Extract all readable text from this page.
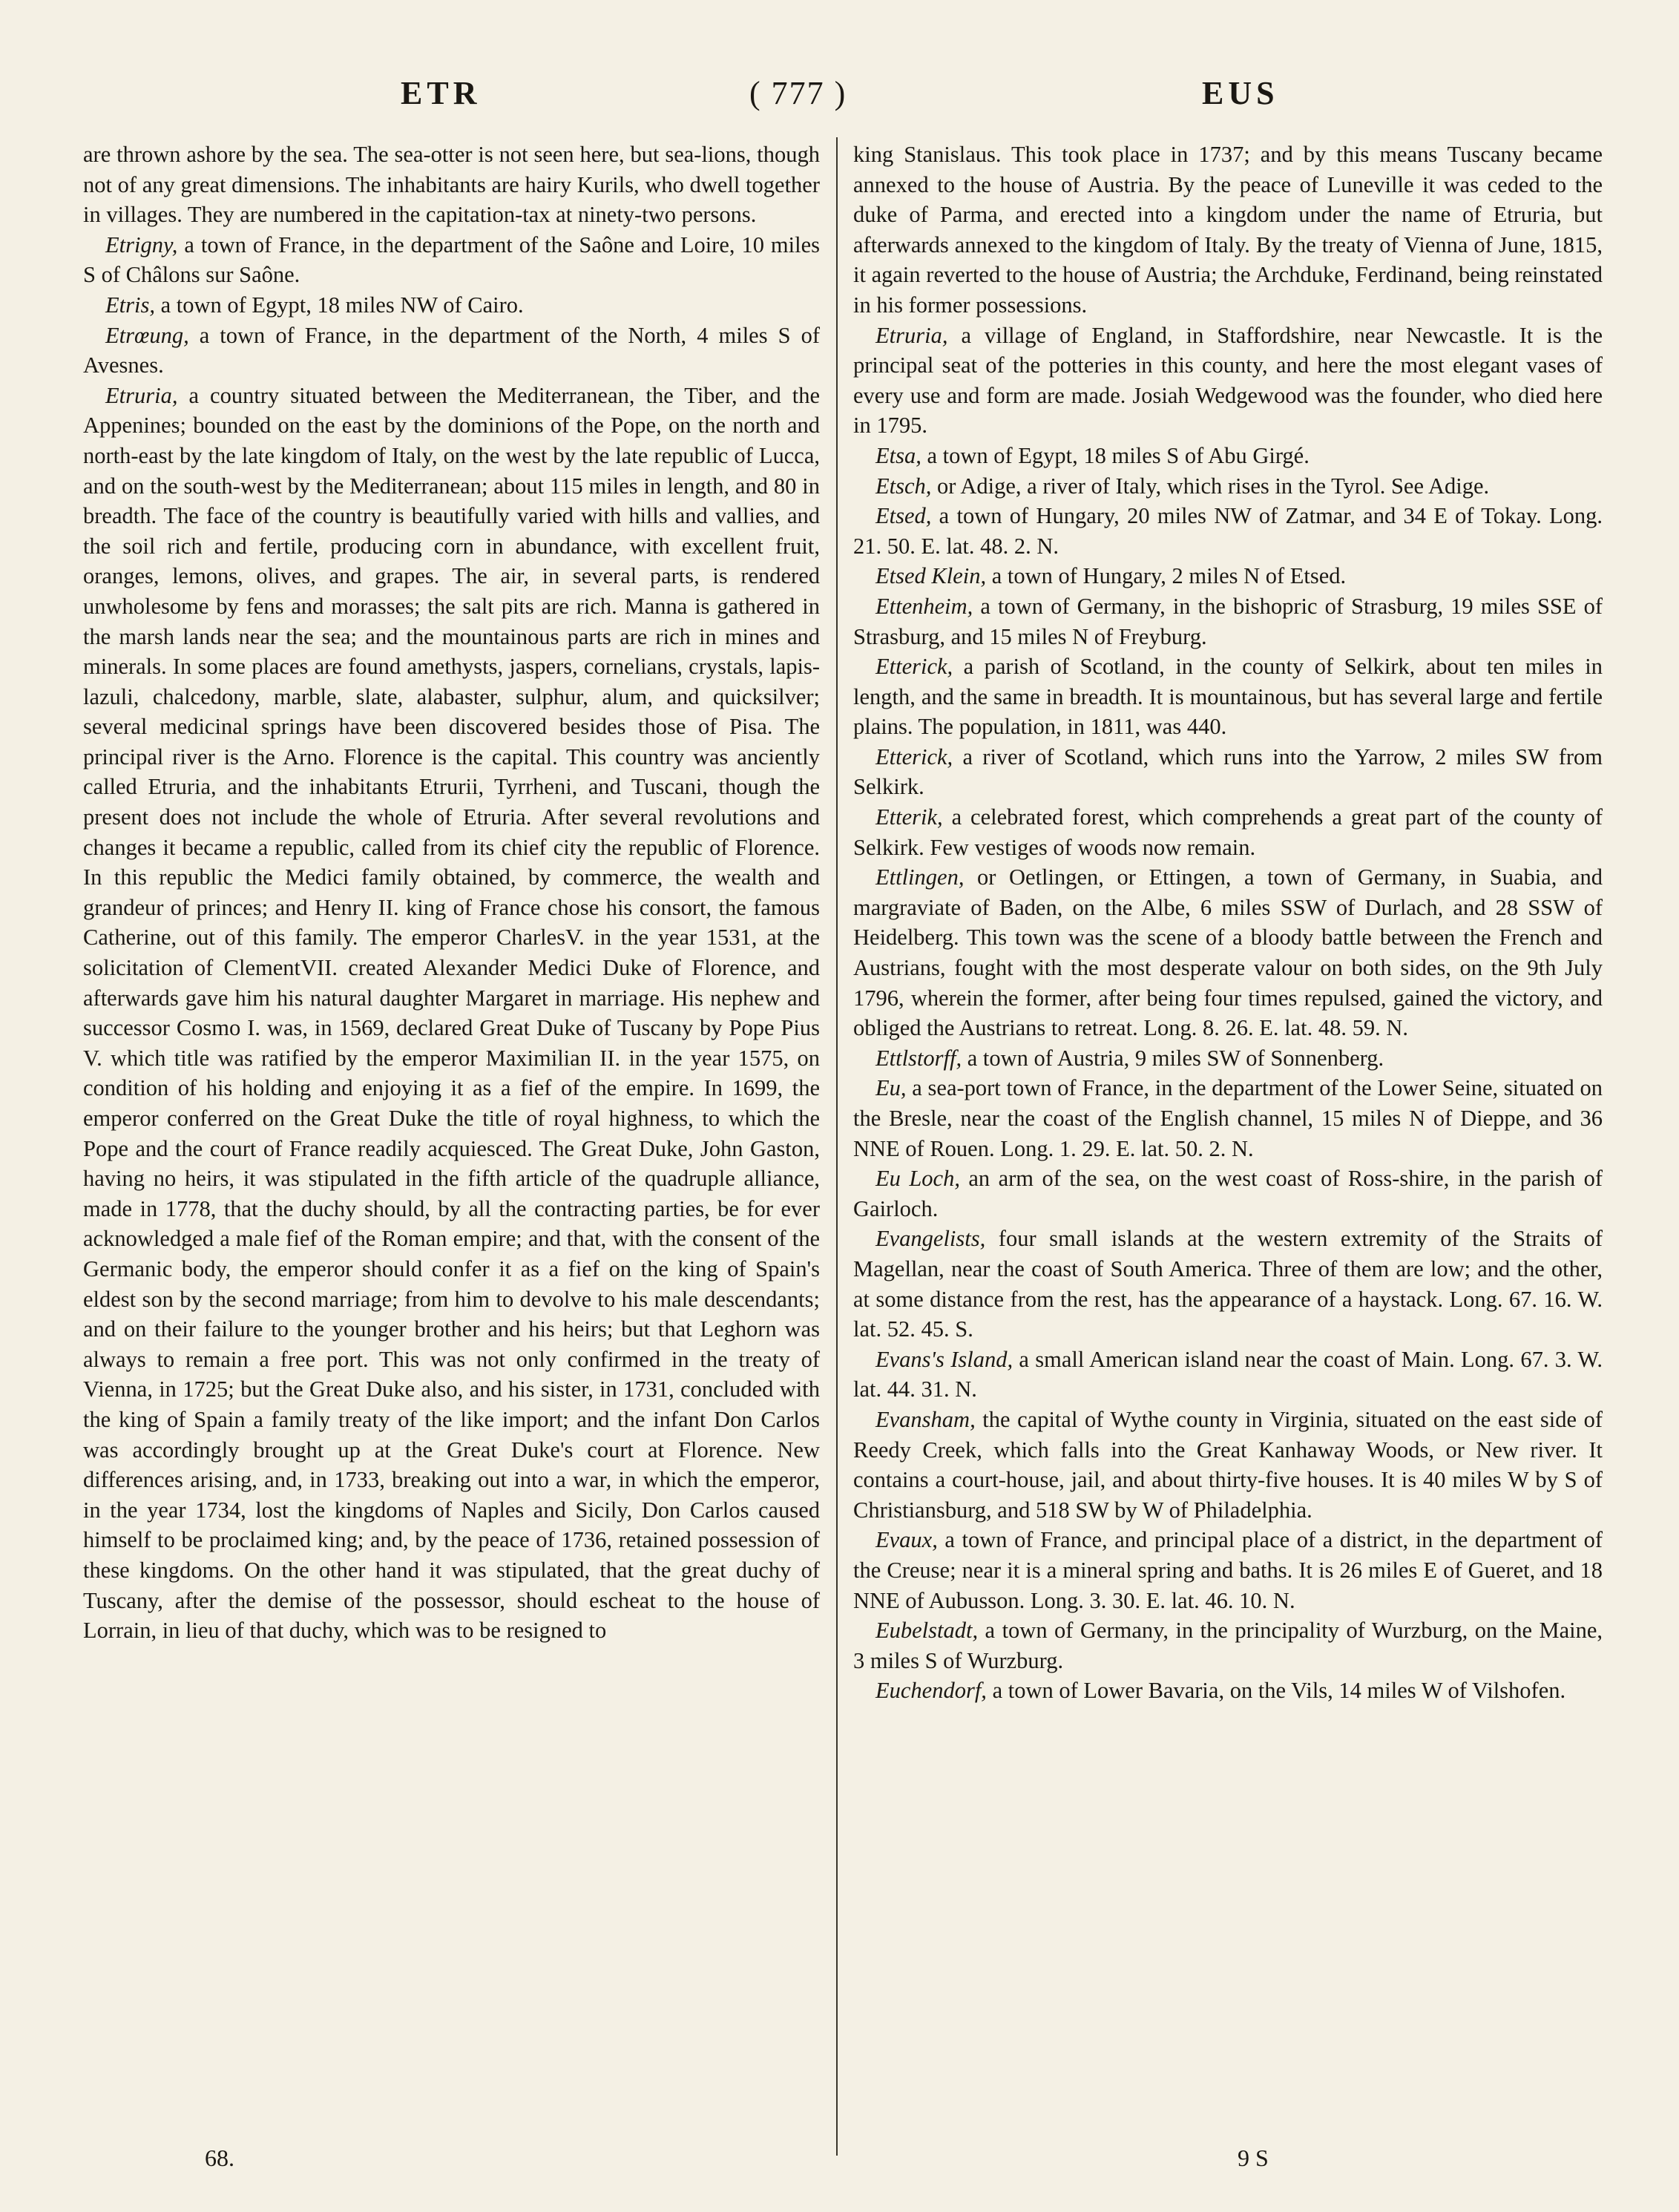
ETR	( 777 )	EUS

are thrown ashore by the sea. The sea-otter is not seen here, but sea-lions, though not of any great dimensions. The inhabitants are hairy Kurils, who dwell together in villages. They are numbered in the capitation-tax at ninety-two persons.

Etrigny, a town of France, in the department of the Saône and Loire, 10 miles S of Châlons sur Saône.

Etris, a town of Egypt, 18 miles NW of Cairo.

Etrœung, a town of France, in the department of the North, 4 miles S of Avesnes.

Etruria, a country situated between the Mediterranean, the Tiber, and the Appenines; bounded on the east by the dominions of the Pope, on the north and north-east by the late kingdom of Italy, on the west by the late republic of Lucca, and on the south-west by the Mediterranean; about 115 miles in length, and 80 in breadth. The face of the country is beautifully varied with hills and vallies, and the soil rich and fertile, producing corn in abundance, with excellent fruit, oranges, lemons, olives, and grapes. The air, in several parts, is rendered unwholesome by fens and morasses; the salt pits are rich. Manna is gathered in the marsh lands near the sea; and the mountainous parts are rich in mines and minerals. In some places are found amethysts, jaspers, cornelians, crystals, lapis-lazuli, chalcedony, marble, slate, alabaster, sulphur, alum, and quicksilver; several medicinal springs have been discovered besides those of Pisa. The principal river is the Arno. Florence is the capital. This country was anciently called Etruria, and the inhabitants Etrurii, Tyrrheni, and Tuscani, though the present does not include the whole of Etruria. After several revolutions and changes it became a republic, called from its chief city the republic of Florence. In this republic the Medici family obtained, by commerce, the wealth and grandeur of princes; and Henry II. king of France chose his consort, the famous Catherine, out of this family. The emperor CharlesV. in the year 1531, at the solicitation of ClementVII. created Alexander Medici Duke of Florence, and afterwards gave him his natural daughter Margaret in marriage. His nephew and successor Cosmo I. was, in 1569, declared Great Duke of Tuscany by Pope Pius V. which title was ratified by the emperor Maximilian II. in the year 1575, on condition of his holding and enjoying it as a fief of the empire. In 1699, the emperor conferred on the Great Duke the title of royal highness, to which the Pope and the court of France readily acquiesced. The Great Duke, John Gaston, having no heirs, it was stipulated in the fifth article of the quadruple alliance, made in 1778, that the duchy should, by all the contracting parties, be for ever acknowledged a male fief of the Roman empire; and that, with the consent of the Germanic body, the emperor should confer it as a fief on the king of Spain's eldest son by the second marriage; from him to devolve to his male descendants; and on their failure to the younger brother and his heirs; but that Leghorn was always to remain a free port. This was not only confirmed in the treaty of Vienna, in 1725; but the Great Duke also, and his sister, in 1731, concluded with the king of Spain a family treaty of the like import; and the infant Don Carlos was accordingly brought up at the Great Duke's court at Florence. New differences arising, and, in 1733, breaking out into a war, in which the emperor, in the year 1734, lost the kingdoms of Naples and Sicily, Don Carlos caused himself to be proclaimed king; and, by the peace of 1736, retained possession of these kingdoms. On the other hand it was stipulated, that the great duchy of Tuscany, after the demise of the possessor, should escheat to the house of Lorrain, in lieu of that duchy, which was to be resigned to

king Stanislaus. This took place in 1737; and by this means Tuscany became annexed to the house of Austria. By the peace of Luneville it was ceded to the duke of Parma, and erected into a kingdom under the name of Etruria, but afterwards annexed to the kingdom of Italy. By the treaty of Vienna of June, 1815, it again reverted to the house of Austria; the Archduke, Ferdinand, being reinstated in his former possessions.

Etruria, a village of England, in Staffordshire, near Newcastle. It is the principal seat of the potteries in this county, and here the most elegant vases of every use and form are made. Josiah Wedgewood was the founder, who died here in 1795.

Etsa, a town of Egypt, 18 miles S of Abu Girgé.

Etsch, or Adige, a river of Italy, which rises in the Tyrol. See Adige.

Etsed, a town of Hungary, 20 miles NW of Zatmar, and 34 E of Tokay. Long. 21. 50. E. lat. 48. 2. N.

Etsed Klein, a town of Hungary, 2 miles N of Etsed.

Ettenheim, a town of Germany, in the bishopric of Strasburg, 19 miles SSE of Strasburg, and 15 miles N of Freyburg.

Etterick, a parish of Scotland, in the county of Selkirk, about ten miles in length, and the same in breadth. It is mountainous, but has several large and fertile plains. The population, in 1811, was 440.

Etterick, a river of Scotland, which runs into the Yarrow, 2 miles SW from Selkirk.

Etterik, a celebrated forest, which comprehends a great part of the county of Selkirk. Few vestiges of woods now remain.

Ettlingen, or Oetlingen, or Ettingen, a town of Germany, in Suabia, and margraviate of Baden, on the Albe, 6 miles SSW of Durlach, and 28 SSW of Heidelberg. This town was the scene of a bloody battle between the French and Austrians, fought with the most desperate valour on both sides, on the 9th July 1796, wherein the former, after being four times repulsed, gained the victory, and obliged the Austrians to retreat. Long. 8. 26. E. lat. 48. 59. N.

Ettlstorff, a town of Austria, 9 miles SW of Sonnenberg.

Eu, a sea-port town of France, in the department of the Lower Seine, situated on the Bresle, near the coast of the English channel, 15 miles N of Dieppe, and 36 NNE of Rouen. Long. 1. 29. E. lat. 50. 2. N.

Eu Loch, an arm of the sea, on the west coast of Ross-shire, in the parish of Gairloch.

Evangelists, four small islands at the western extremity of the Straits of Magellan, near the coast of South America. Three of them are low; and the other, at some distance from the rest, has the appearance of a haystack. Long. 67. 16. W. lat. 52. 45. S.

Evans's Island, a small American island near the coast of Main. Long. 67. 3. W. lat. 44. 31. N.

Evansham, the capital of Wythe county in Virginia, situated on the east side of Reedy Creek, which falls into the Great Kanhaway Woods, or New river. It contains a court-house, jail, and about thirty-five houses. It is 40 miles W by S of Christiansburg, and 518 SW by W of Philadelphia.

Evaux, a town of France, and principal place of a district, in the department of the Creuse; near it is a mineral spring and baths. It is 26 miles E of Gueret, and 18 NNE of Aubusson. Long. 3. 30. E. lat. 46. 10. N.

Eubelstadt, a town of Germany, in the principality of Wurzburg, on the Maine, 3 miles S of Wurzburg.

Euchendorf, a town of Lower Bavaria, on the Vils, 14 miles W of Vilshofen.

68.	9 S
